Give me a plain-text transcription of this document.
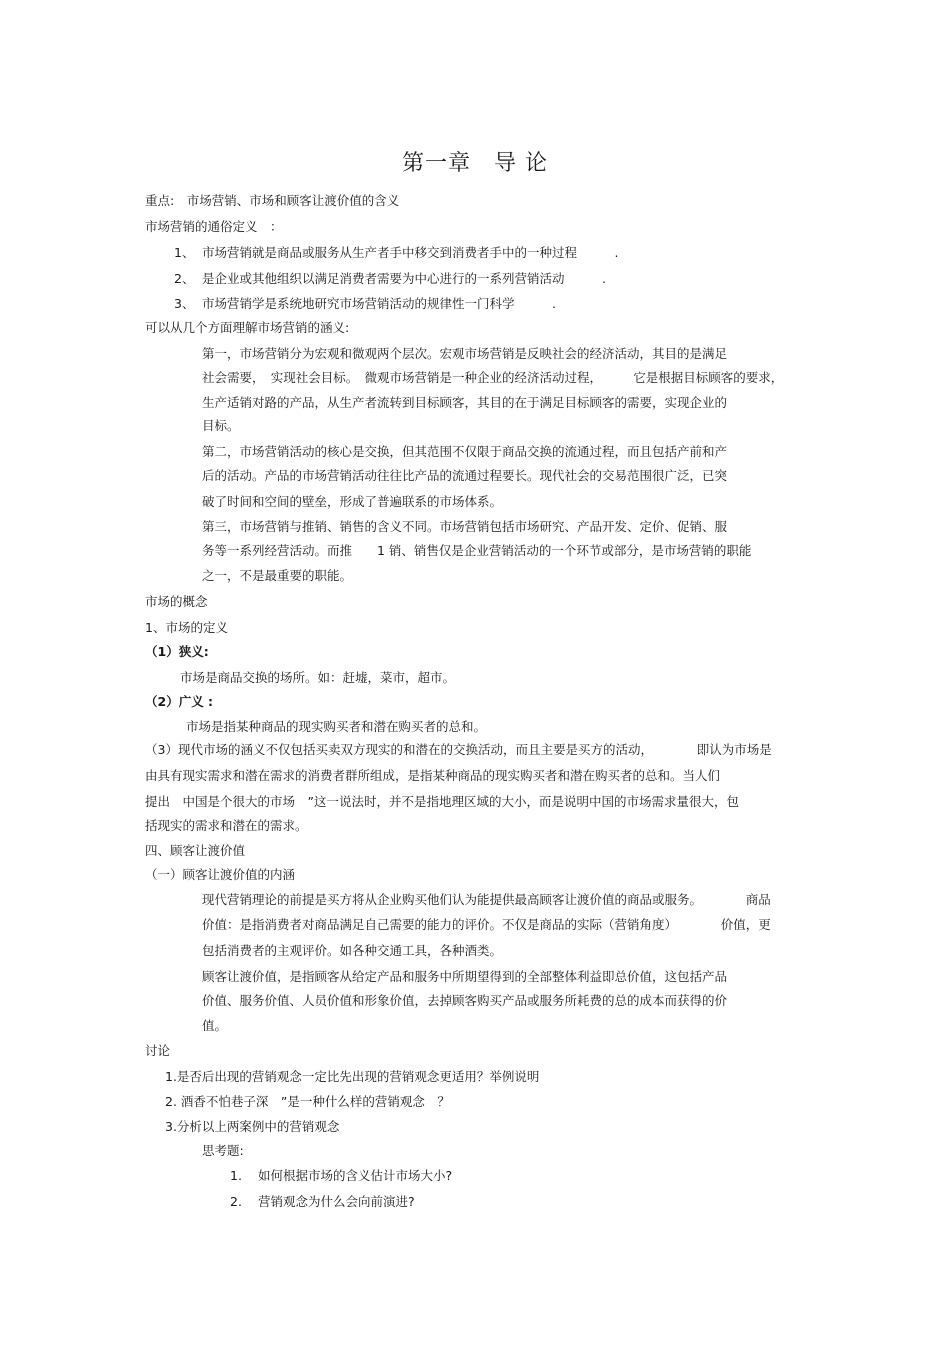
第一章　导 论
重点:　市场营销、市场和顾客让渡价值的含义
市场营销的通俗定义　：
1、 市场营销就是商品或服务从生产者手中移交到消费者手中的一种过程　　　.
2、 是企业或其他组织以满足消费者需要为中心进行的一系列营销活动　　　.
3、 市场营销学是系统地研究市场营销活动的规律性一门科学　　　.
可以从几个方面理解市场营销的涵义:
第一，市场营销分为宏观和微观两个层次。宏观市场营销是反映社会的经济活动，其目的是满足
社会需要，　实现社会目标。　微观市场营销是一种企业的经济活动过程，　　　它是根据目标顾客的要求，
生产适销对路的产品，从生产者流转到目标顾客，其目的在于满足目标顾客的需要，实现企业的
目标。
第二，市场营销活动的核心是交换，但其范围不仅限于商品交换的流通过程，而且包括产前和产
后的活动。产品的市场营销活动往往比产品的流通过程要长。现代社会的交易范围很广泛，已突
破了时间和空间的壁垒，形成了普遍联系的市场体系。
第三，市场营销与推销、销售的含义不同。市场营销包括市场研究、产品开发、定价、促销、服
务等一系列经营活动。而推　　1 销、销售仅是企业营销活动的一个环节或部分，是市场营销的职能
之一，不是最重要的职能。
市场的概念
1、市场的定义
（1）狭义:
市场是商品交换的场所。如：赶墟，菜市，超市。
（2）广义 :
市场是指某种商品的现实购买者和潜在购买者的总和。
（3）现代市场的涵义不仅包括买卖双方现实的和潜在的交换活动，而且主要是买方的活动，　　　　即认为市场是
由具有现实需求和潜在需求的消费者群所组成，是指某种商品的现实购买者和潜在购买者的总和。当人们
提出　中国是个很大的市场　”这一说法时，并不是指地理区域的大小，而是说明中国的市场需求量很大，包
括现实的需求和潜在的需求。
四、顾客让渡价值
（一）顾客让渡价值的内涵
现代营销理论的前提是买方将从企业购买他们认为能提供最高顾客让渡价值的商品或服务。　　　　商品
价值：是指消费者对商品满足自己需要的能力的评价。不仅是商品的实际（营销角度）　　　　价值，更
包括消费者的主观评价。如各种交通工具，各种酒类。
顾客让渡价值，是指顾客从给定产品和服务中所期望得到的全部整体利益即总价值，这包括产品
价值、服务价值、人员价值和形象价值，去掉顾客购买产品或服务所耗费的总的成本而获得的价
值。
讨论
1.是否后出现的营销观念一定比先出现的营销观念更适用？举例说明
2. 酒香不怕巷子深　”是一种什么样的营销观念　？
3.分析以上两案例中的营销观念
思考题:
1. 如何根据市场的含义估计市场大小?
2. 营销观念为什么会向前演进?
